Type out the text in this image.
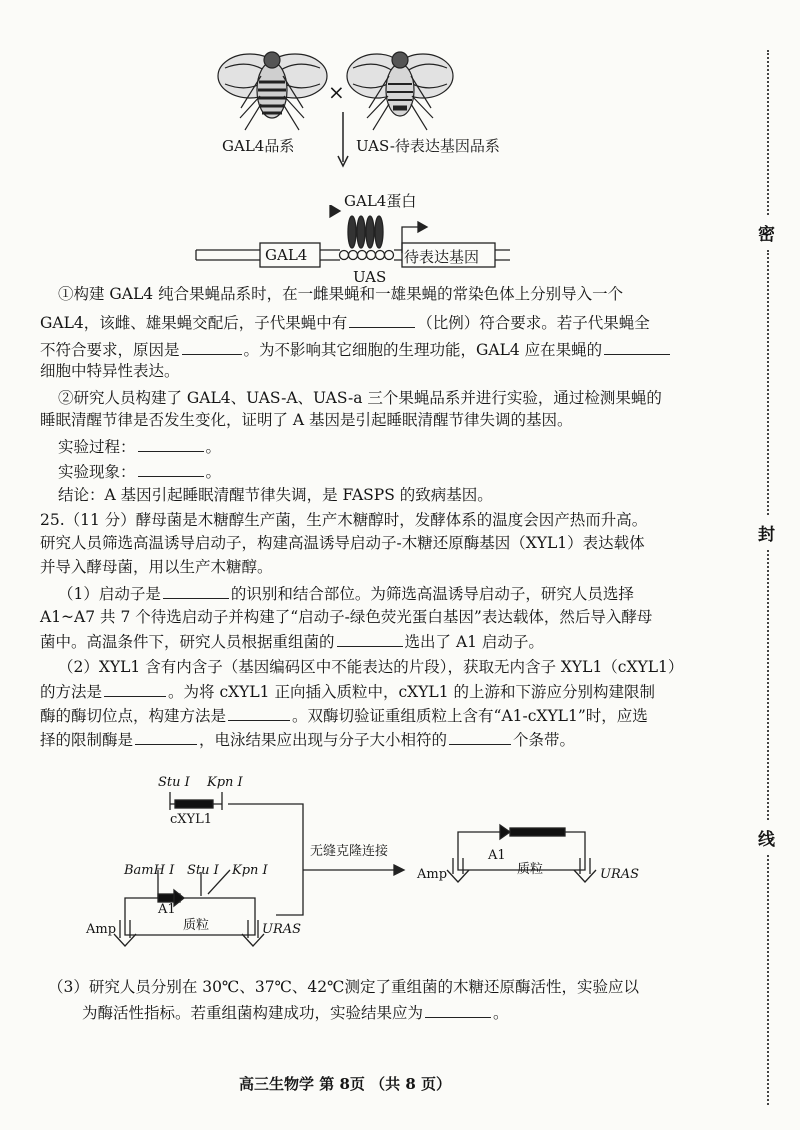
×
GAL4品系	UAS-待表达基因品系
GAL4蛋白
GAL4
UAS
待表达基因
①构建 GAL4 纯合果蝇品系时，在一雌果蝇和一雄果蝇的常染色体上分别导入一个
GAL4，该雌、雄果蝇交配后，子代果蝇中有	（比例）符合要求。若子代果蝇全
不符合要求，原因是	。为不影响其它细胞的生理功能，GAL4 应在果蝇的
细胞中特异性表达。
②研究人员构建了 GAL4、UAS-A、UAS-a 三个果蝇品系并进行实验，通过检测果蝇的
睡眠清醒节律是否发生变化，证明了 A 基因是引起睡眠清醒节律失调的基因。
实验过程：	。
实验现象：	。
结论：A 基因引起睡眠清醒节律失调，是 FASPS 的致病基因。
25.（11 分）酵母菌是木糖醇生产菌，生产木糖醇时，发酵体系的温度会因产热而升高。
研究人员筛选高温诱导启动子，构建高温诱导启动子-木糖还原酶基因（XYL1）表达载体
并导入酵母菌，用以生产木糖醇。
（1）启动子是	的识别和结合部位。为筛选高温诱导启动子，研究人员选择
A1~A7 共 7 个待选启动子并构建了“启动子-绿色荧光蛋白基因”表达载体，然后导入酵母
菌中。高温条件下，研究人员根据重组菌的	选出了 A1 启动子。
（2）XYL1 含有内含子（基因编码区中不能表达的片段），获取无内含子 XYL1（cXYL1）
的方法是	。为将 cXYL1 正向插入质粒中，cXYL1 的上游和下游应分别构建限制
酶的酶切位点，构建方法是	。双酶切验证重组质粒上含有“A1-cXYL1”时，应选
择的限制酶是	，电泳结果应出现与分子大小相符的	个条带。
Stu Ⅰ Kpn Ⅰ
cXYL1
无缝克隆连接
BamH Ⅰ Stu Ⅰ Kpn Ⅰ
A1
质粒
Amp	URAS
A1
质粒
Amp	URAS
（3）研究人员分别在 30℃、37℃、42℃测定了重组菌的木糖还原酶活性，实验应以
为酶活性指标。若重组菌构建成功，实验结果应为	。
高三生物学 第 8页 （共 8 页）
密
封
线
